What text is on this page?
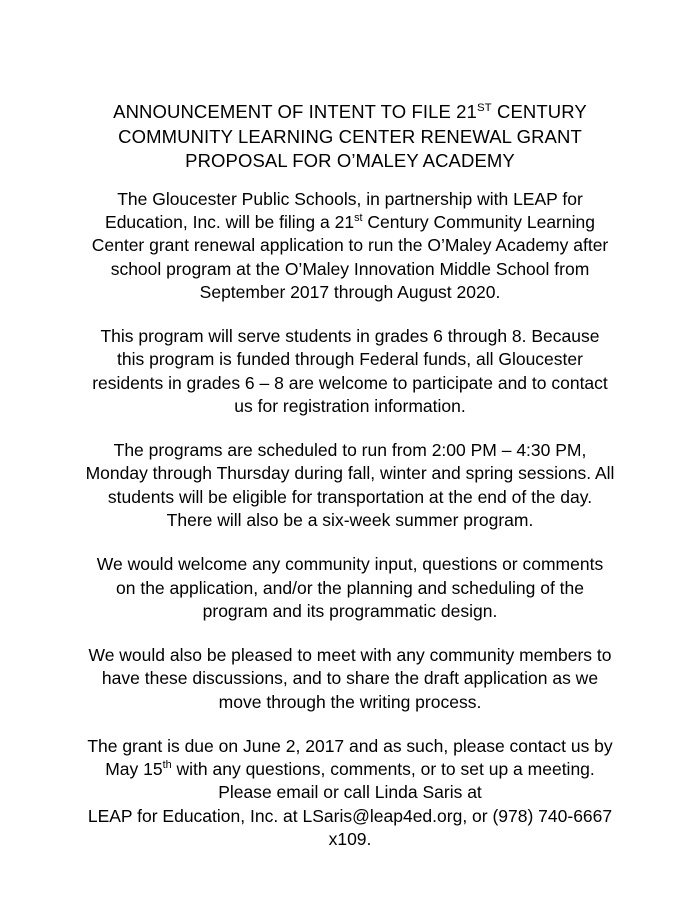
ANNOUNCEMENT OF INTENT TO FILE 21ST CENTURY
COMMUNITY LEARNING CENTER RENEWAL GRANT
PROPOSAL FOR O’MALEY ACADEMY

The Gloucester Public Schools, in partnership with LEAP for Education, Inc. will be filing a 21st Century Community Learning Center grant renewal application to run the O’Maley Academy after school program at the O’Maley Innovation Middle School from September 2017 through August 2020.

This program will serve students in grades 6 through 8. Because this program is funded through Federal funds, all Gloucester residents in grades 6 – 8 are welcome to participate and to contact us for registration information.

The programs are scheduled to run from 2:00 PM – 4:30 PM, Monday through Thursday during fall, winter and spring sessions. All students will be eligible for transportation at the end of the day. There will also be a six-week summer program.

We would welcome any community input, questions or comments on the application, and/or the planning and scheduling of the program and its programmatic design.

We would also be pleased to meet with any community members to have these discussions, and to share the draft application as we move through the writing process.

The grant is due on June 2, 2017 and as such, please contact us by May 15th with any questions, comments, or to set up a meeting. Please email or call Linda Saris at
LEAP for Education, Inc. at LSaris@leap4ed.org, or (978) 740-6667 x109.
